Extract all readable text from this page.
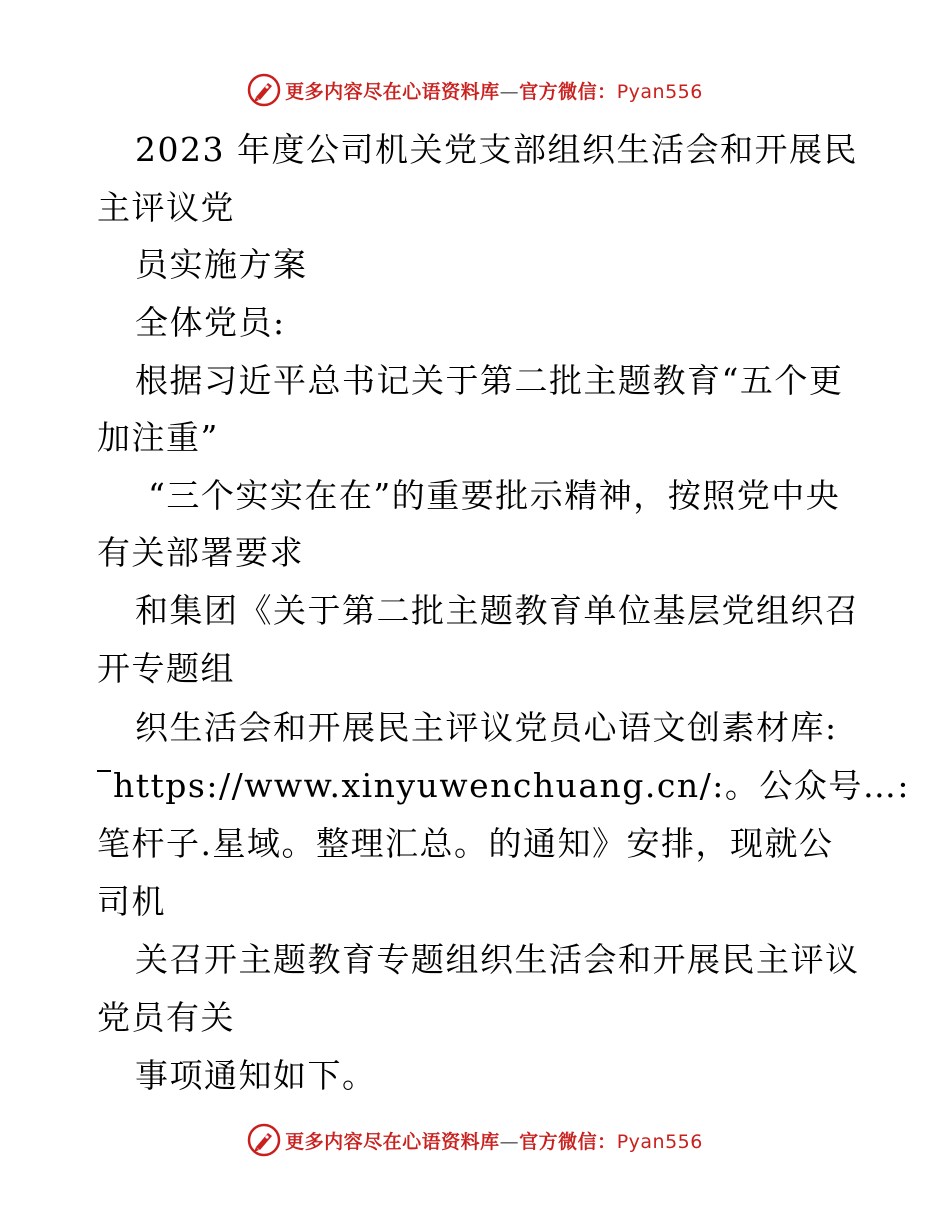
更多内容尽在心语资料库—官方微信：Pyan556
2023 年度公司机关党支部组织生活会和开展民
主评议党
员实施方案
全体党员:
根据习近平总书记关于第二批主题教育“五个更
加注重”
“三个实实在在”的重要批示精神，按照党中央
有关部署要求
和集团《关于第二批主题教育单位基层党组织召
开专题组
织生活会和开展民主评议党员心语文创素材库:
https://www.xinyuwenchuang.cn/:。公众号…:
笔杆子.星域。整理汇总。的通知》安排，现就公
司机
关召开主题教育专题组织生活会和开展民主评议
党员有关
事项通知如下。
更多内容尽在心语资料库—官方微信：Pyan556
